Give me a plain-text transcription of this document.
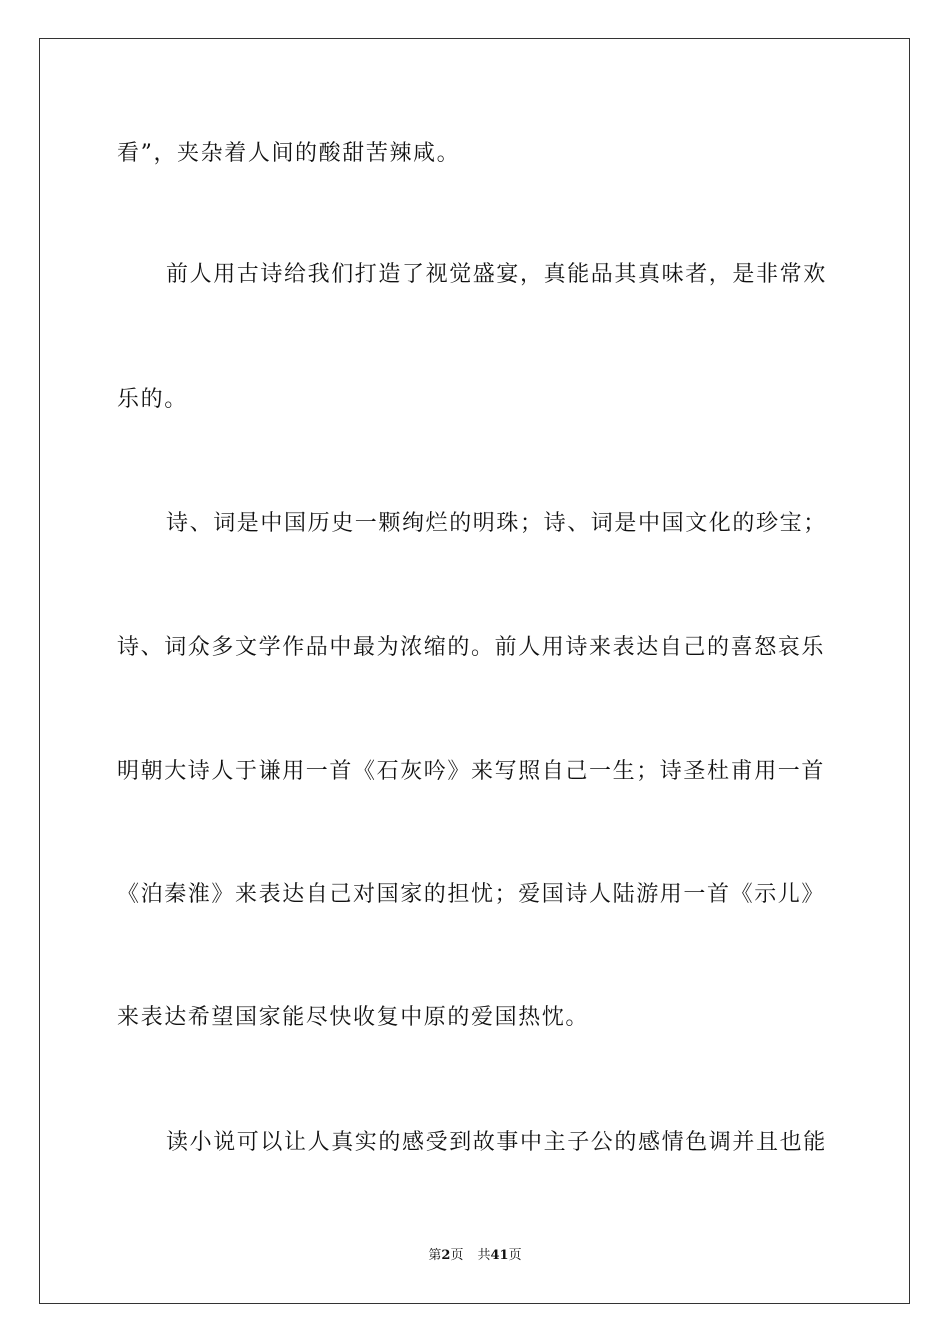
看”，夹杂着人间的酸甜苦辣咸。

前人用古诗给我们打造了视觉盛宴，真能品其真味者，是非常欢

乐的。

诗、词是中国历史一颗绚烂的明珠；诗、词是中国文化的珍宝；

诗、词众多文学作品中最为浓缩的。前人用诗来表达自己的喜怒哀乐

明朝大诗人于谦用一首《石灰吟》来写照自己一生；诗圣杜甫用一首

《泊秦淮》来表达自己对国家的担忧；爱国诗人陆游用一首《示儿》

来表达希望国家能尽快收复中原的爱国热忱。

读小说可以让人真实的感受到故事中主子公的感情色调并且也能

第2页 共41页
